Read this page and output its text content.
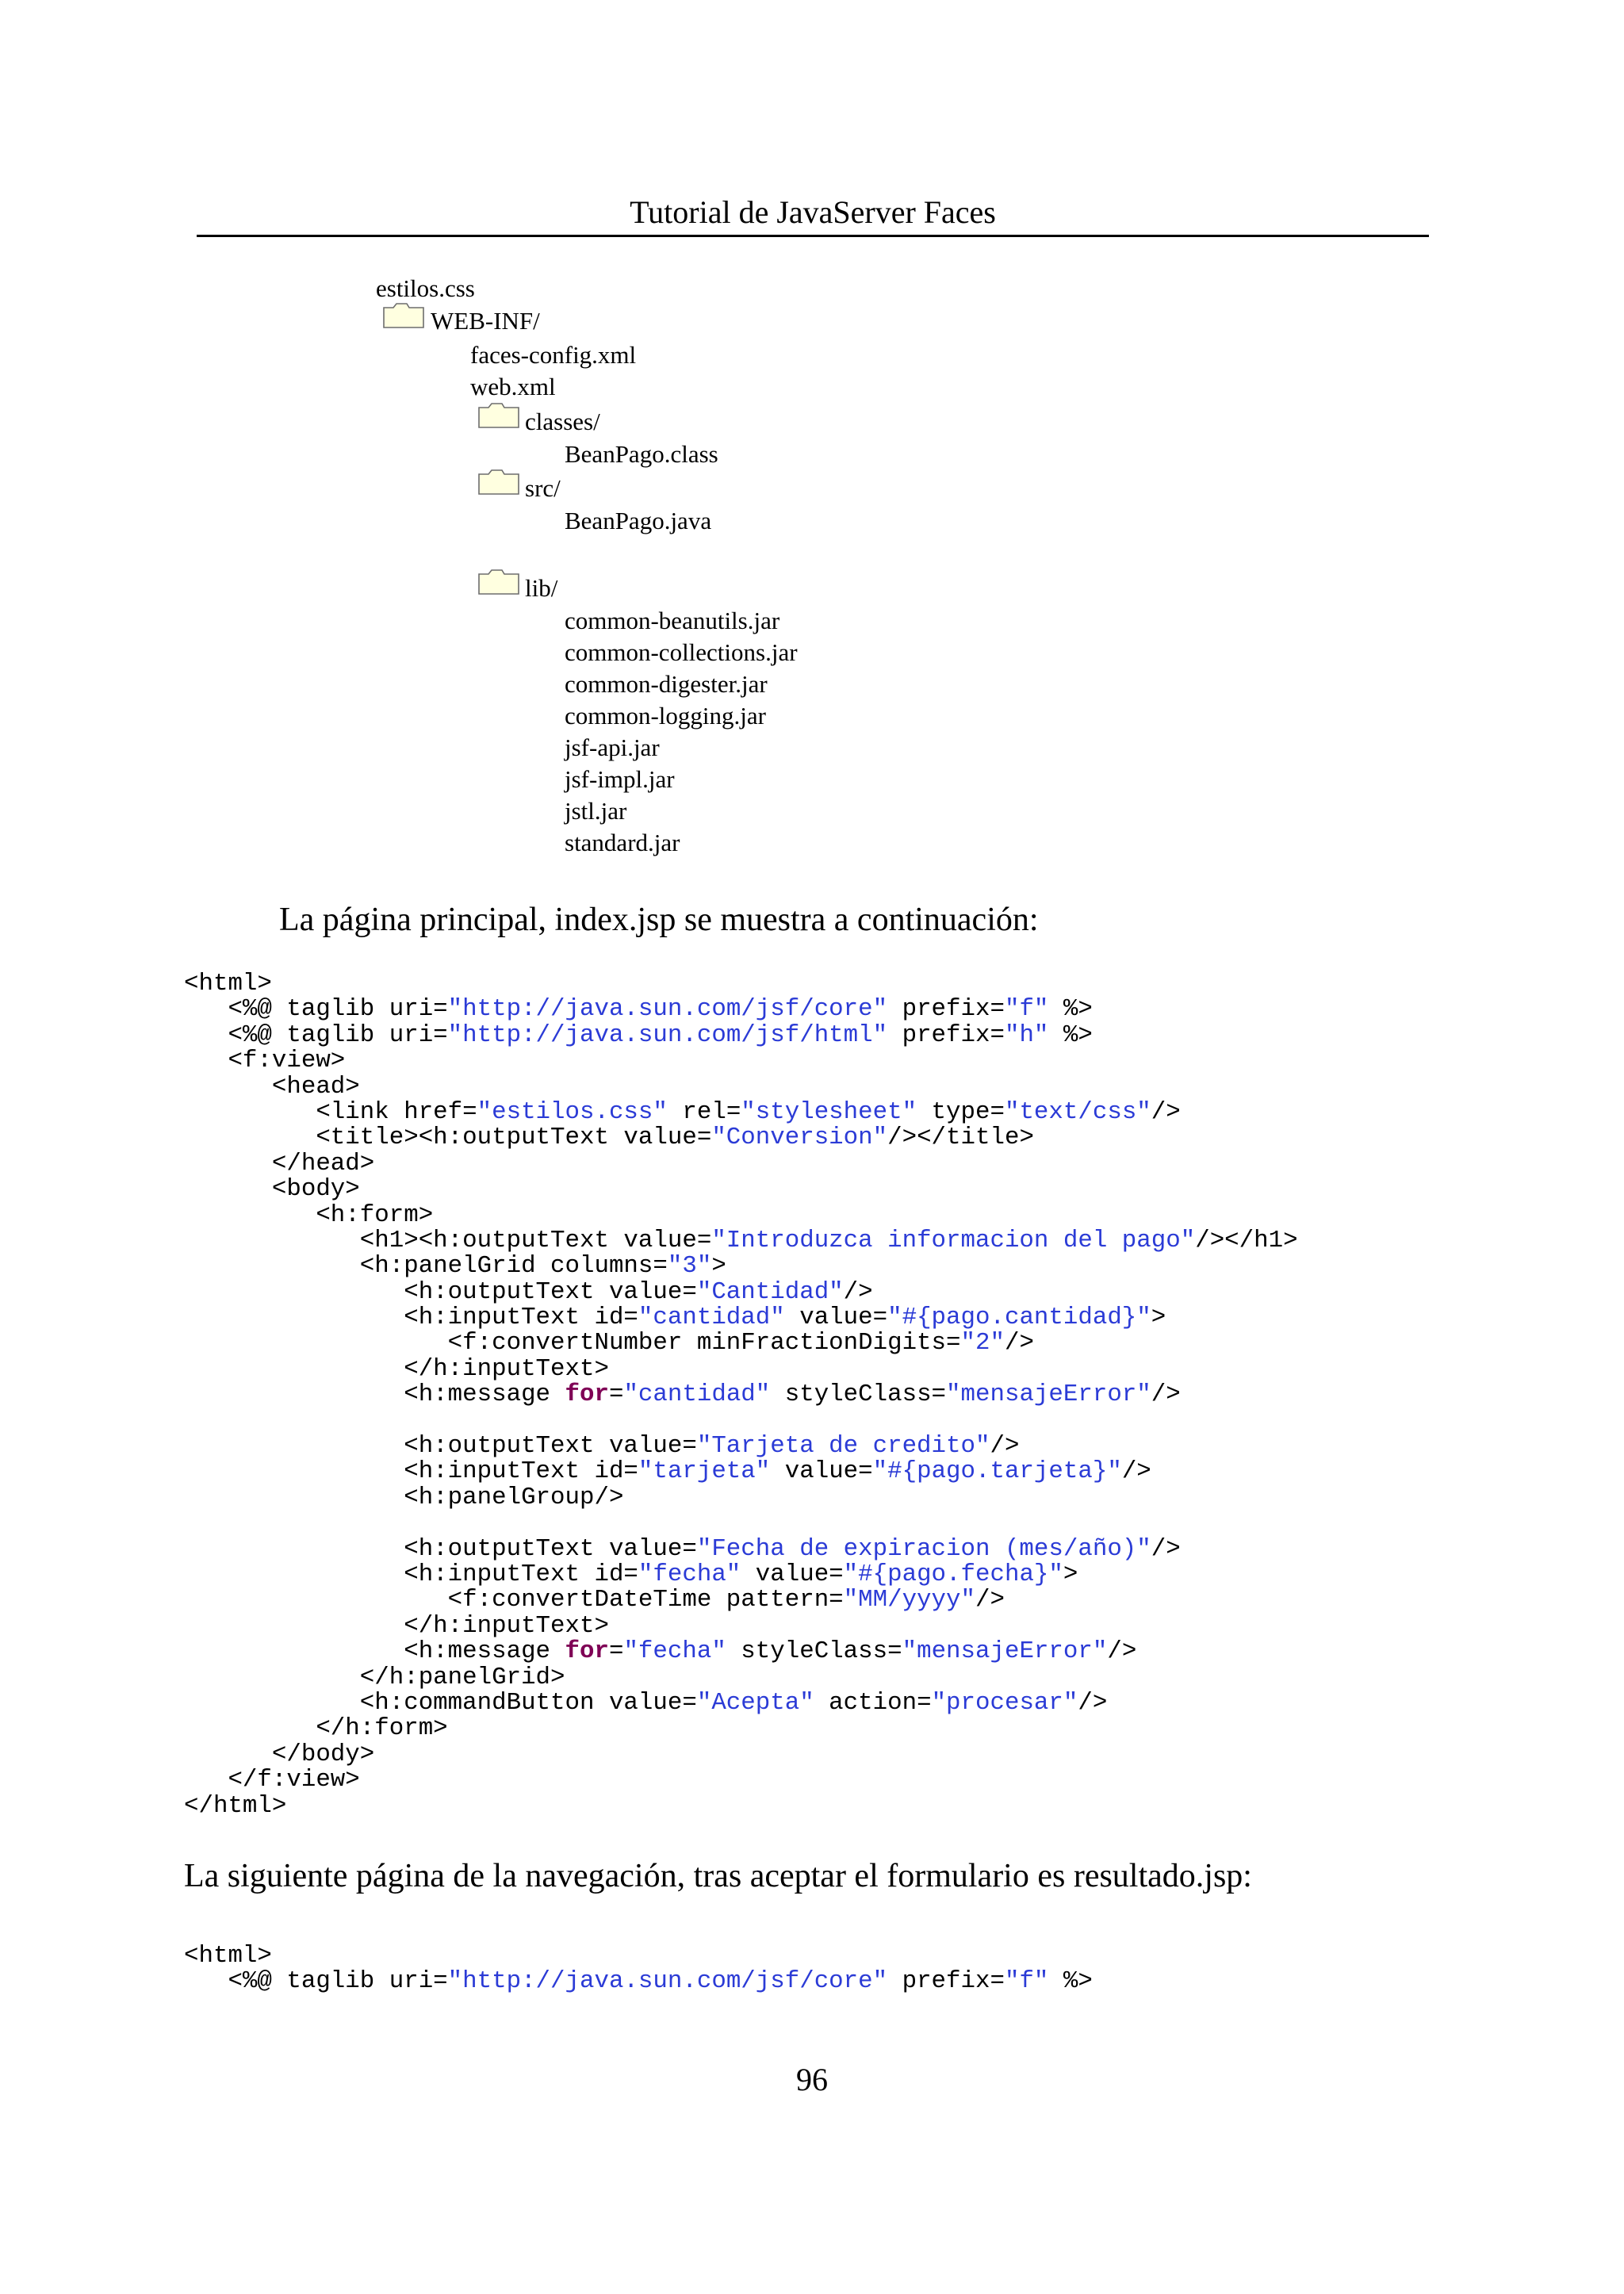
Tutorial de JavaServer Faces
estilos.css
WEB-INF/
faces-config.xml
web.xml
classes/
BeanPago.class
src/
BeanPago.java
lib/
common-beanutils.jar
common-collections.jar
common-digester.jar
common-logging.jar
jsf-api.jar
jsf-impl.jar
jstl.jar
standard.jar
La página principal, index.jsp se muestra a continuación:
<html>
<%@ taglib uri="http://java.sun.com/jsf/core" prefix="f" %>
<%@ taglib uri="http://java.sun.com/jsf/html" prefix="h" %>
<f:view>
<head>
<link href="estilos.css" rel="stylesheet" type="text/css"/>
<title><h:outputText value="Conversion"/></title>
</head>
<body>
<h:form>
<h1><h:outputText value="Introduzca informacion del pago"/></h1>
<h:panelGrid columns="3">
<h:outputText value="Cantidad"/>
<h:inputText id="cantidad" value="#{pago.cantidad}">
<f:convertNumber minFractionDigits="2"/>
</h:inputText>
<h:message for="cantidad" styleClass="mensajeError"/>
<h:outputText value="Tarjeta de credito"/>
<h:inputText id="tarjeta" value="#{pago.tarjeta}"/>
<h:panelGroup/>
<h:outputText value="Fecha de expiracion (mes/año)"/>
<h:inputText id="fecha" value="#{pago.fecha}">
<f:convertDateTime pattern="MM/yyyy"/>
</h:inputText>
<h:message for="fecha" styleClass="mensajeError"/>
</h:panelGrid>
<h:commandButton value="Acepta" action="procesar"/>
</h:form>
</body>
</f:view>
</html>
La siguiente página de la navegación, tras aceptar el formulario es resultado.jsp:
<html>
<%@ taglib uri="http://java.sun.com/jsf/core" prefix="f" %>
96
